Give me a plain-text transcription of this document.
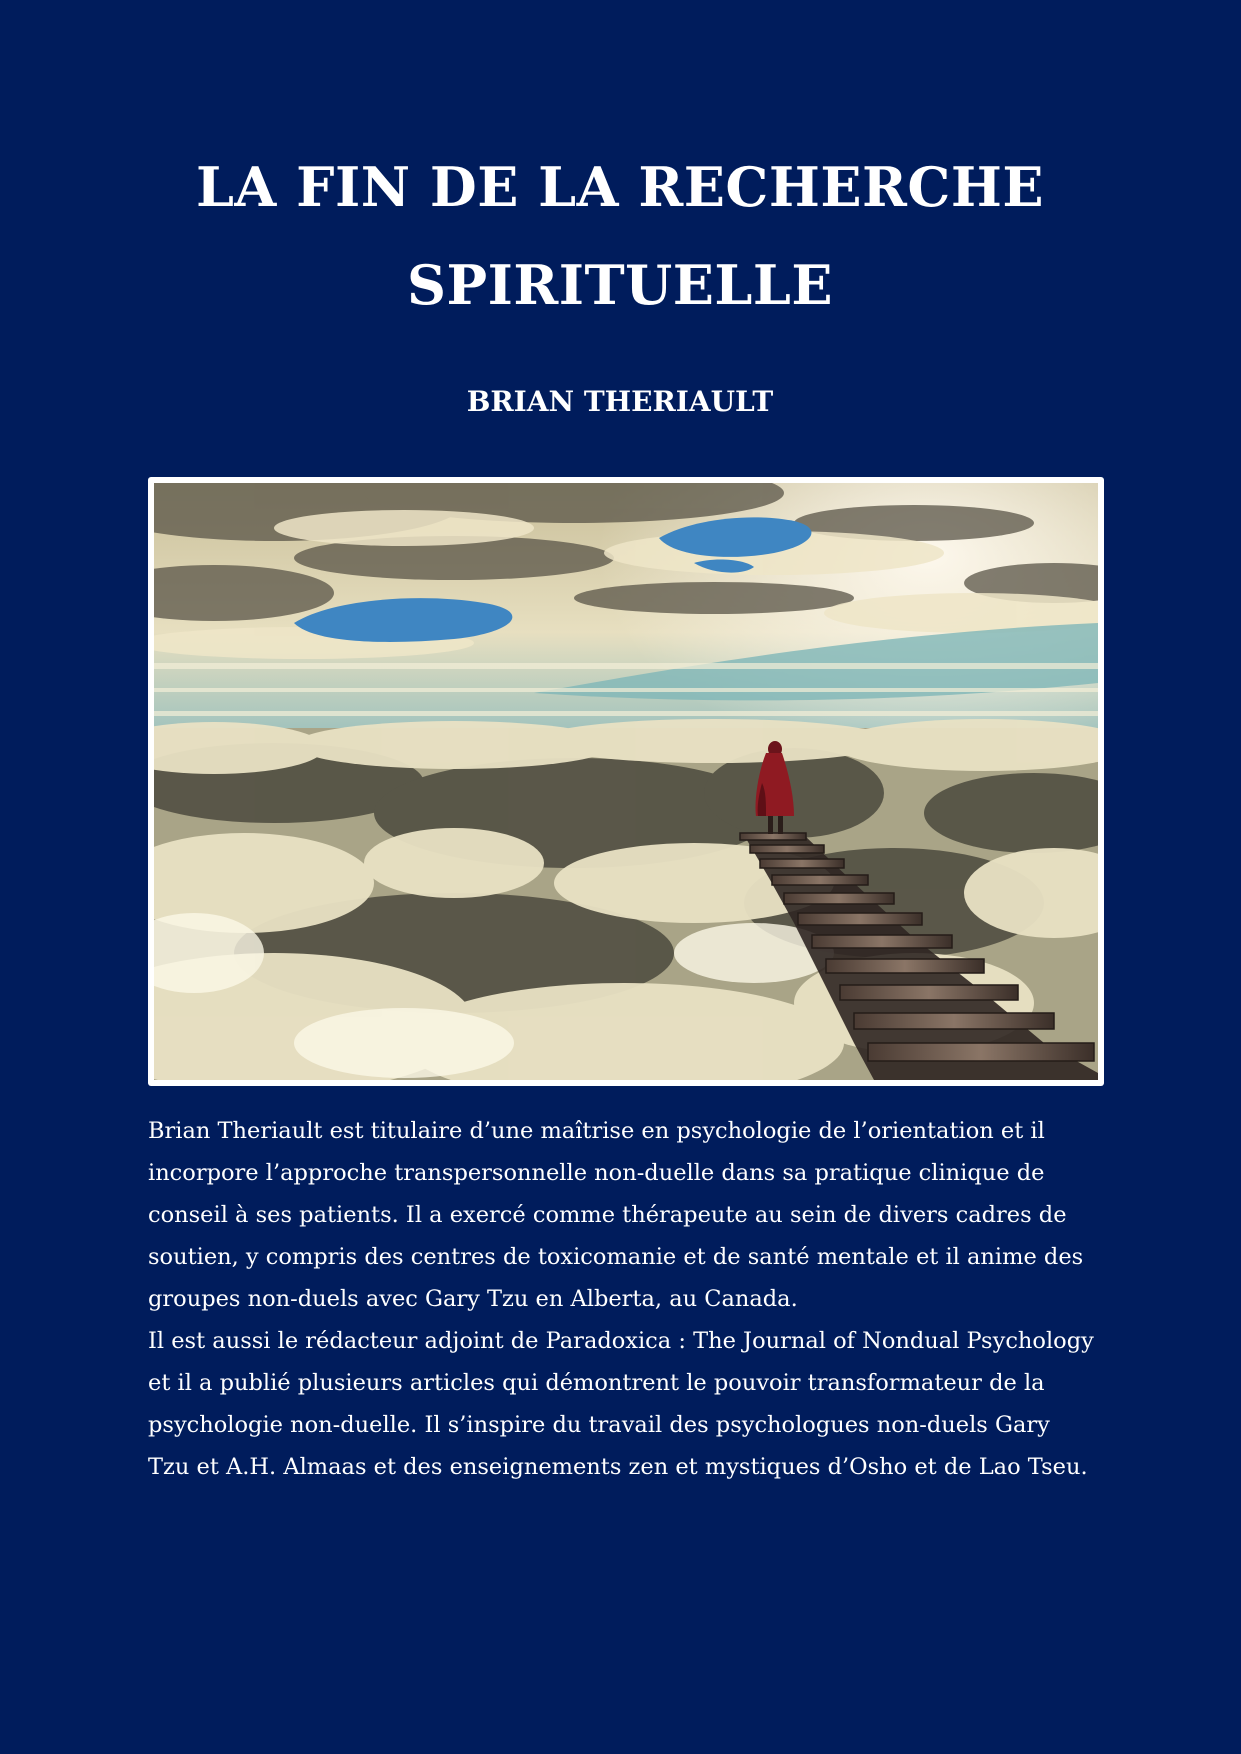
LA FIN DE LA RECHERCHE SPIRITUELLE
BRIAN THERIAULT

Brian Theriault est titulaire d’une maîtrise en psychologie de l’orientation et il incorpore l’approche transpersonnelle non-duelle dans sa pratique clinique de conseil à ses patients. Il a exercé comme thérapeute au sein de divers cadres de soutien, y compris des centres de toxicomanie et de santé mentale et il anime des groupes non-duels avec Gary Tzu en Alberta, au Canada.

Il est aussi le rédacteur adjoint de Paradoxica : The Journal of Nondual Psychology et il a publié plusieurs articles qui démontrent le pouvoir transformateur de la psychologie non-duelle. Il s’inspire du travail des psychologues non-duels Gary Tzu et A.H. Almaas et des enseignements zen et mystiques d’Osho et de Lao Tseu.
